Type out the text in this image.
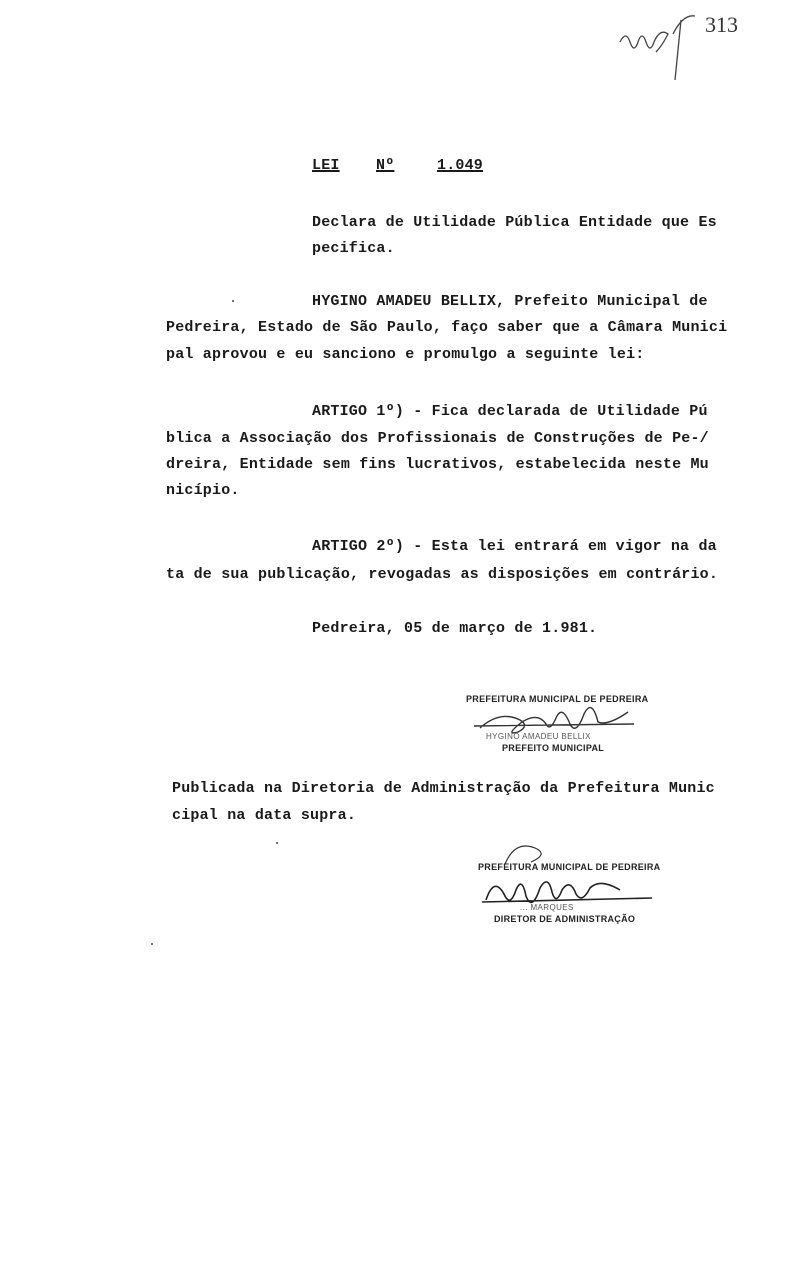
313
LEI Nº	1.049
Declara de Utilidade Pública Entidade que Es
pecifica.
HYGINO AMADEU BELLIX, Prefeito Municipal de
Pedreira, Estado de São Paulo, faço saber que a Câmara Munici
pal aprovou e eu sanciono e promulgo a seguinte lei:
ARTIGO 1º) - Fica declarada de Utilidade Pú
blica a Associação dos Profissionais de Construções de Pe-/
dreira, Entidade sem fins lucrativos, estabelecida neste Mu
nicípio.
ARTIGO 2º) - Esta lei entrará em vigor na da
ta de sua publicação, revogadas as disposições em contrário.
Pedreira, 05 de março de 1.981.
PREFEITURA MUNICIPAL DE PEDREIRA
HYGINO AMADEU BELLIX
PREFEITO MUNICIPAL
Publicada na Diretoria de Administração da Prefeitura Munic
cipal na data supra.
PREFEITURA MUNICIPAL DE PEDREIRA
... MARQUES
DIRETOR DE ADMINISTRAÇÃO
